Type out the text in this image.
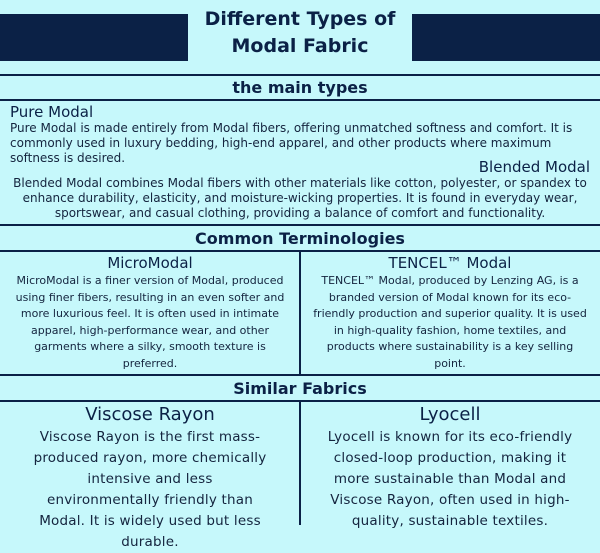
Different Types of
Modal Fabric
the main types
Pure Modal
Pure Modal is made entirely from Modal fibers, offering unmatched softness and comfort. It is commonly used in luxury bedding, high-end apparel, and other products where maximum softness is desired.	Blended Modal
Blended Modal combines Modal fibers with other materials like cotton, polyester, or spandex to enhance durability, elasticity, and moisture-wicking properties. It is found in everyday wear, sportswear, and casual clothing, providing a balance of comfort and functionality.
Common Terminologies
MicroModal
MicroModal is a finer version of Modal, produced using finer fibers, resulting in an even softer and more luxurious feel. It is often used in intimate apparel, high-performance wear, and other garments where a silky, smooth texture is preferred.
TENCEL™ Modal
TENCEL™ Modal, produced by Lenzing AG, is a branded version of Modal known for its eco-friendly production and superior quality. It is used in high-quality fashion, home textiles, and products where sustainability is a key selling point.
Similar Fabrics
Viscose Rayon
Viscose Rayon is the first mass-produced rayon, more chemically intensive and less environmentally friendly than Modal. It is widely used but less durable.
Lyocell
Lyocell is known for its eco-friendly closed-loop production, making it more sustainable than Modal and Viscose Rayon, often used in high-quality, sustainable textiles.
